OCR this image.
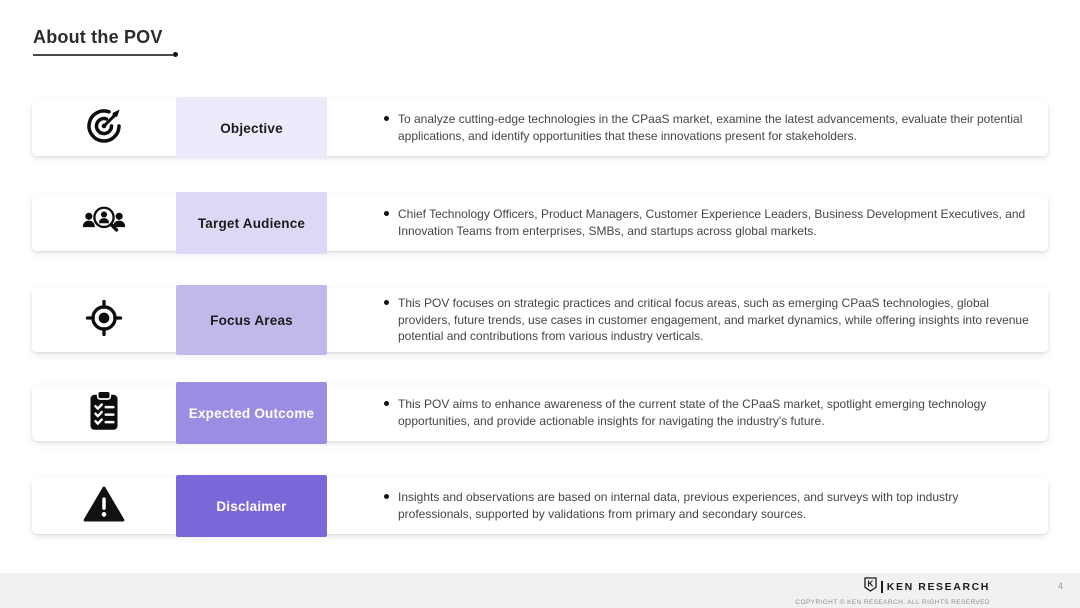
About the POV
Objective
To analyze cutting-edge technologies in the CPaaS market, examine the latest advancements, evaluate their potential applications, and identify opportunities that these innovations present for stakeholders.
Target Audience
Chief Technology Officers, Product Managers, Customer Experience Leaders, Business Development Executives, and Innovation Teams from enterprises, SMBs, and startups across global markets.
Focus Areas
This POV focuses on strategic practices and critical focus areas, such as emerging CPaaS technologies, global providers, future trends, use cases in customer engagement, and market dynamics, while offering insights into revenue potential and contributions from various industry verticals.
Expected Outcome
This POV aims to enhance awareness of the current state of the CPaaS market, spotlight emerging technology opportunities, and provide actionable insights for navigating the industry's future.
Disclaimer
Insights and observations are based on internal data, previous experiences, and surveys with top industry professionals, supported by validations from primary and secondary sources.
K KEN RESEARCH
COPYRIGHT © KEN RESEARCH. ALL RIGHTS RESERVED
4
